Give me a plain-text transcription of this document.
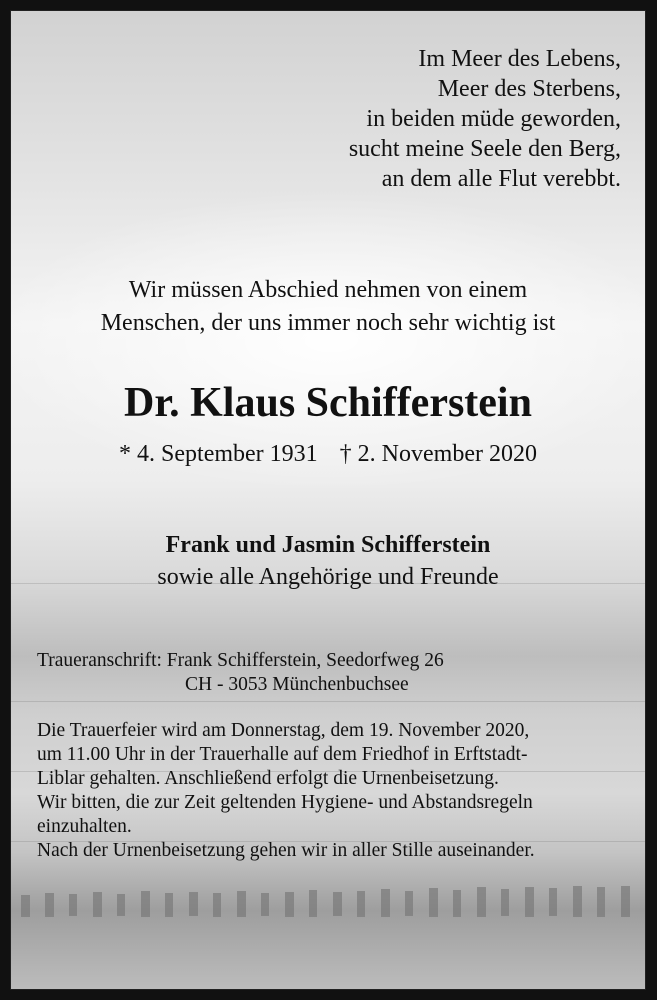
Im Meer des Lebens,
Meer des Sterbens,
in beiden müde geworden,
sucht meine Seele den Berg,
an dem alle Flut verebbt.
Wir müssen Abschied nehmen von einem
Menschen, der uns immer noch sehr wichtig ist
Dr. Klaus Schifferstein
* 4. September 1931 † 2. November 2020
Frank und Jasmin Schifferstein
sowie alle Angehörige und Freunde
Traueranschrift: Frank Schifferstein, Seedorfweg 26
CH - 3053 Münchenbuchsee
Die Trauerfeier wird am Donnerstag, dem 19. November 2020,
um 11.00 Uhr in der Trauerhalle auf dem Friedhof in Erftstadt-
Liblar gehalten. Anschließend erfolgt die Urnenbeisetzung.
Wir bitten, die zur Zeit geltenden Hygiene- und Abstandsregeln
einzuhalten.
Nach der Urnenbeisetzung gehen wir in aller Stille auseinander.
